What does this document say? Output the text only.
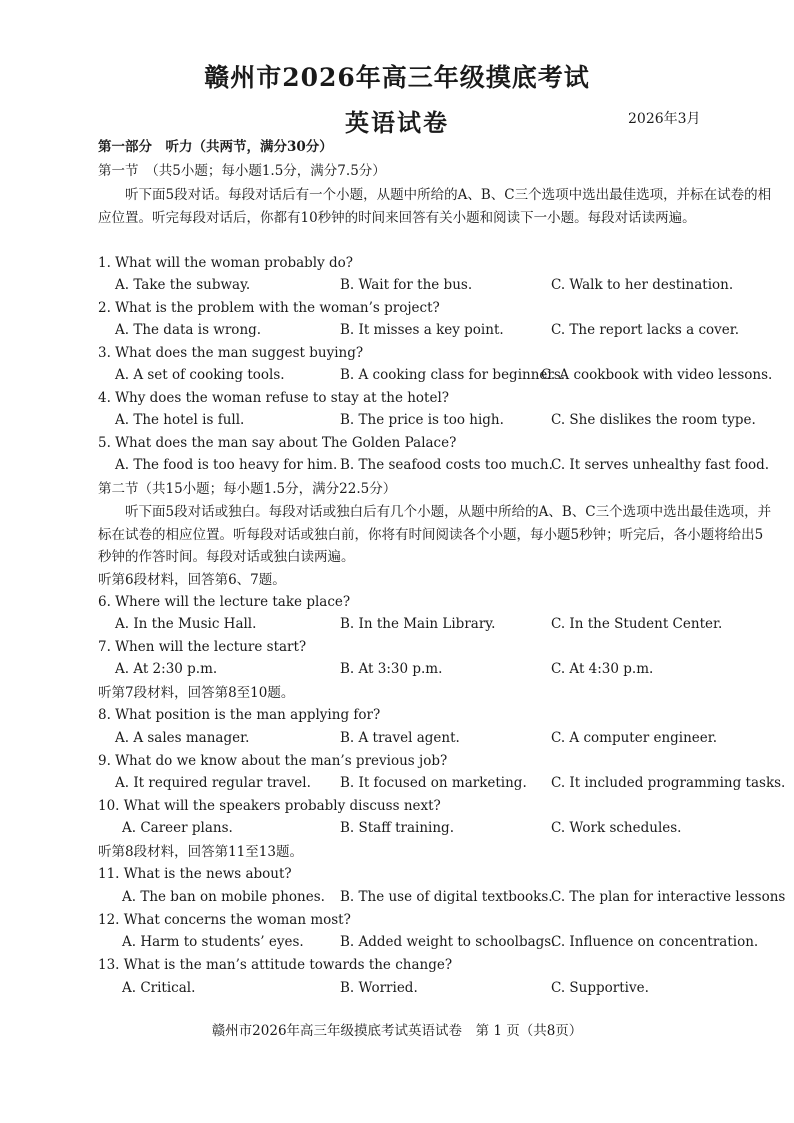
赣州市2026年高三年级摸底考试
英语试卷	2026年3月
第一部分　听力（共两节，满分30分）
第一节　（共5小题；每小题1.5分，满分7.5分）
听下面5段对话。每段对话后有一个小题，从题中所给的A、B、C三个选项中选出最佳选项，并标在试卷的相应位置。听完每段对话后，你都有10秒钟的时间来回答有关小题和阅读下一小题。每段对话读两遍。
1. What will the woman probably do?
A. Take the subway.	B. Wait for the bus.	C. Walk to her destination.
2. What is the problem with the woman’s project?
A. The data is wrong.	B. It misses a key point.	C. The report lacks a cover.
3. What does the man suggest buying?
A. A set of cooking tools.	B. A cooking class for beginners.
C. A cookbook with video lessons.
4. Why does the woman refuse to stay at the hotel?
A. The hotel is full.	B. The price is too high.	C. She dislikes the room type.
5. What does the man say about The Golden Palace?
A. The food is too heavy for him. B. The seafood costs too much.
C. It serves unhealthy fast food.
第二节（共15小题；每小题1.5分，满分22.5分）
听下面5段对话或独白。每段对话或独白后有几个小题，从题中所给的A、B、C三个选项中选出最佳选项，并标在试卷的相应位置。听每段对话或独白前，你将有时间阅读各个小题，每小题5秒钟；听完后，各小题将给出5秒钟的作答时间。每段对话或独白读两遍。
听第6段材料，回答第6、7题。
6. Where will the lecture take place?
A. In the Music Hall.	B. In the Main Library.	C. In the Student Center.
7. When will the lecture start?
A. At 2:30 p.m.	B. At 3:30 p.m.	C. At 4:30 p.m.
听第7段材料，回答第8至10题。
8. What position is the man applying for?
A. A sales manager.	B. A travel agent.	C. A computer engineer.
9. What do we know about the man’s previous job?
A. It required regular travel. B. It focused on marketing. C. It included programming tasks.
10. What will the speakers probably discuss next?
A. Career plans.	B. Staff training.	C. Work schedules.
听第8段材料，回答第11至13题。
11. What is the news about?
A. The ban on mobile phones. B. The use of digital textbooks.
C. The plan for interactive lessons
12. What concerns the woman most?
A. Harm to students’ eyes.	B. Added weight to schoolbags.
C. Influence on concentration.
13. What is the man’s attitude towards the change?
A. Critical.	B. Worried.	C. Supportive.
赣州市2026年高三年级摸底考试英语试卷　第 1 页（共8页）
